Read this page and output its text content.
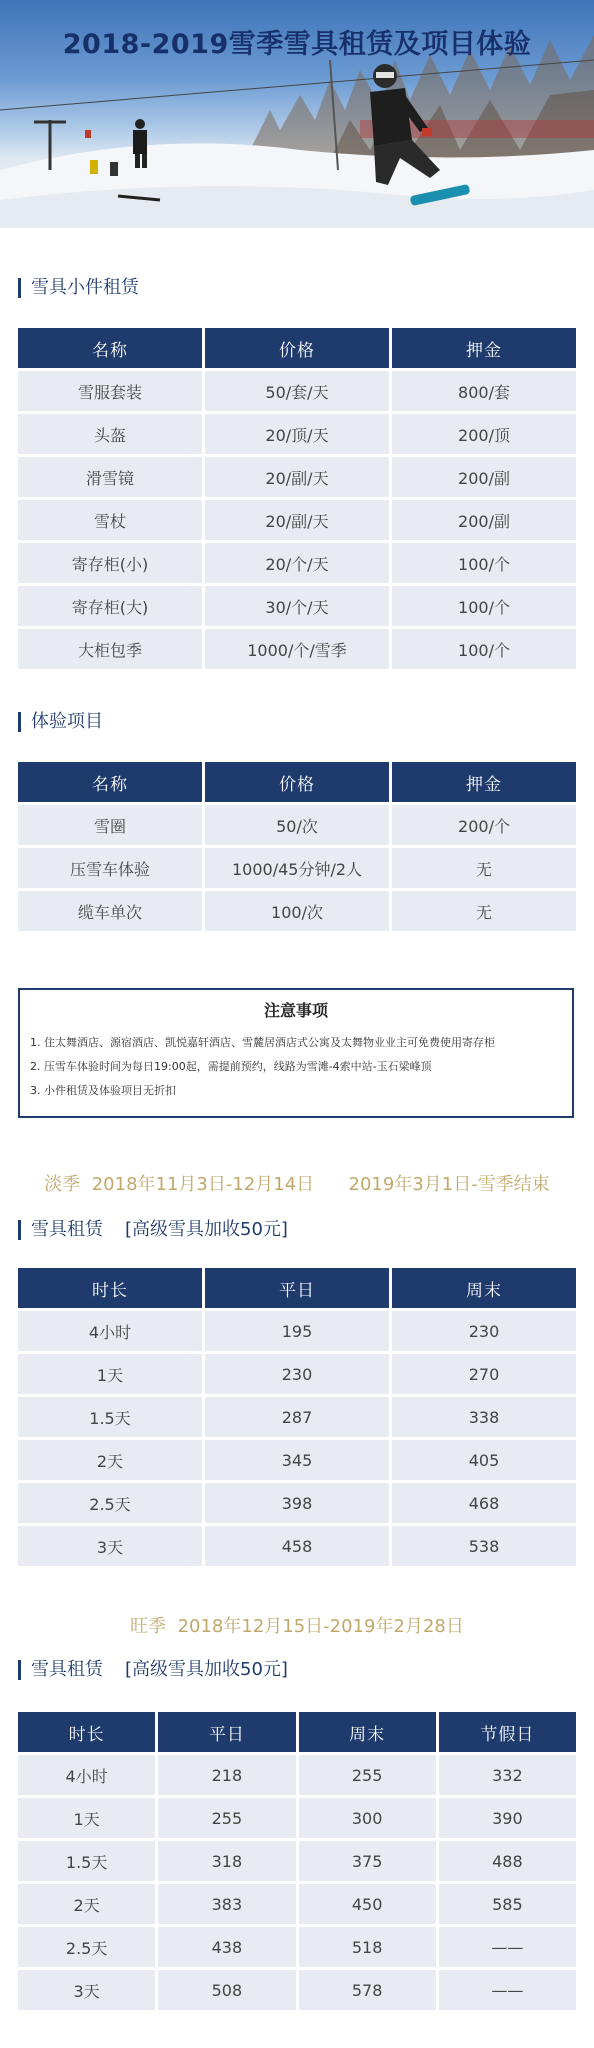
2018-2019雪季雪具租赁及项目体验
雪具小件租赁
名称	价格	押金
雪服套装	50/套/天	800/套
头盔	20/顶/天	200/顶
滑雪镜	20/副/天	200/副
雪杖	20/副/天	200/副
寄存柜(小)	20/个/天	100/个
寄存柜(大)	30/个/天	100/个
大柜包季	1000/个/雪季	100/个
体验项目
名称	价格	押金
雪圈	50/次	200/个
压雪车体验	1000/45分钟/2人	无
缆车单次	100/次	无
注意事项
1. 住太舞酒店、源宿酒店、凯悦嘉轩酒店、雪麓居酒店式公寓及太舞物业业主可免费使用寄存柜
2. 压雪车体验时间为每日19:00起，需提前预约，线路为雪滩-4索中站-玉石梁峰顶
3. 小件租赁及体验项目无折扣
淡季  2018年11月3日-12月14日      2019年3月1日-雪季结束
雪具租赁 [高级雪具加收50元]
时长	平日	周末
4小时	195	230
1天	230	270
1.5天	287	338
2天	345	405
2.5天	398	468
3天	458	538
旺季  2018年12月15日-2019年2月28日
雪具租赁 [高级雪具加收50元]
时长	平日	周末	节假日
4小时	218	255	332
1天	255	300	390
1.5天	318	375	488
2天	383	450	585
2.5天	438	518	——
3天	508	578	——
